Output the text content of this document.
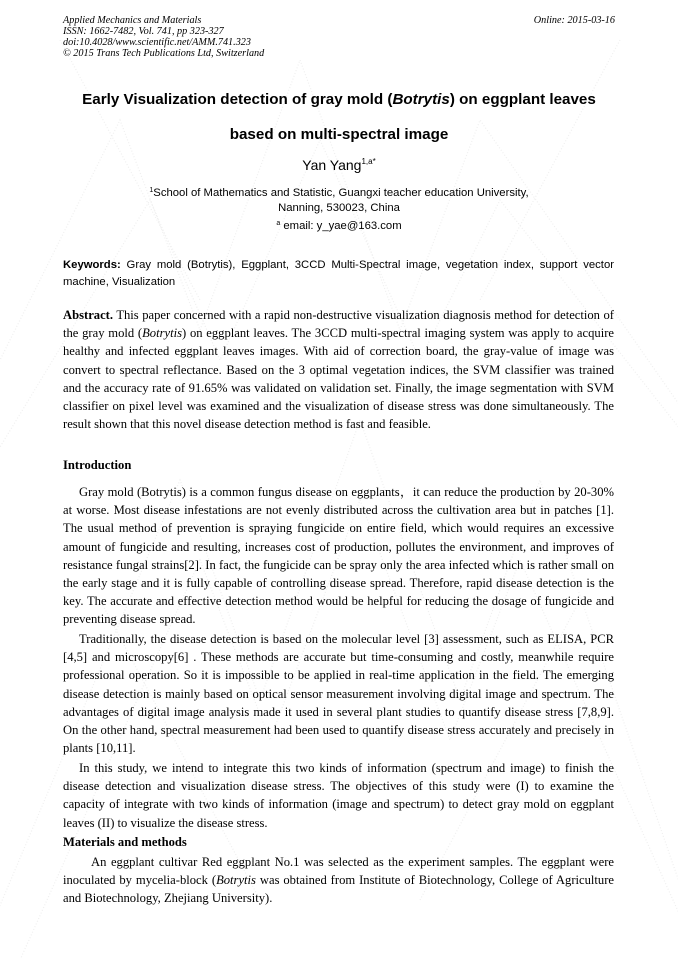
Applied Mechanics and Materials
ISSN: 1662-7482, Vol. 741, pp 323-327
doi:10.4028/www.scientific.net/AMM.741.323
© 2015 Trans Tech Publications Ltd, Switzerland
Online: 2015-03-16
Early Visualization detection of gray mold (Botrytis) on eggplant leaves
based on multi-spectral image
Yan Yang$^{1,a*}$
$^1$School of Mathematics and Statistic, Guangxi teacher education University,
Nanning, 530023, China
$^a$ email: y_yae@163.com
Keywords: Gray mold (Botrytis), Eggplant, 3CCD Multi-Spectral image, vegetation index, support vector machine, Visualization

Abstract. This paper concerned with a rapid non-destructive visualization diagnosis method for detection of the gray mold (Botrytis) on eggplant leaves. The 3CCD multi-spectral imaging system was apply to acquire healthy and infected eggplant leaves images. With aid of correction board, the gray-value of image was convert to spectral reflectance. Based on the 3 optimal vegetation indices, the SVM classifier was trained and the accuracy rate of 91.65% was validated on validation set. Finally, the image segmentation with SVM classifier on pixel level was examined and the visualization of disease stress was done simultaneously. The result shown that this novel disease detection method is fast and feasible.

Introduction

Gray mold (Botrytis) is a common fungus disease on eggplants，it can reduce the production by 20-30% at worse. Most disease infestations are not evenly distributed across the cultivation area but in patches [1]. The usual method of prevention is spraying fungicide on entire field, which would requires an excessive amount of fungicide and resulting, increases cost of production, pollutes the environment, and improves of resistance fungal strains[2]. In fact, the fungicide can be spray only the area infected which is rather small on the early stage and it is fully capable of controlling disease spread. Therefore, rapid disease detection is the key. The accurate and effective detection method would be helpful for reducing the dosage of fungicide and preventing disease spread.

Traditionally, the disease detection is based on the molecular level [3] assessment, such as ELISA, PCR [4,5] and microscopy[6] . These methods are accurate but time-consuming and costly, meanwhile require professional operation. So it is impossible to be applied in real-time application in the field. The emerging disease detection is mainly based on optical sensor measurement involving digital image and spectrum. The advantages of digital image analysis made it used in several plant studies to quantify disease stress [7,8,9]. On the other hand, spectral measurement had been used to quantify disease stress accurately and precisely in plants [10,11].

In this study, we intend to integrate this two kinds of information (spectrum and image) to finish the disease detection and visualization disease stress. The objectives of this study were (I) to examine the capacity of integrate with two kinds of information (image and spectrum) to detect gray mold on eggplant leaves (II) to visualize the disease stress.

Materials and methods

An eggplant cultivar Red eggplant No.1 was selected as the experiment samples. The eggplant were inoculated by mycelia-block (Botrytis was obtained from Institute of Biotechnology, College of Agriculture and Biotechnology, Zhejiang University).
